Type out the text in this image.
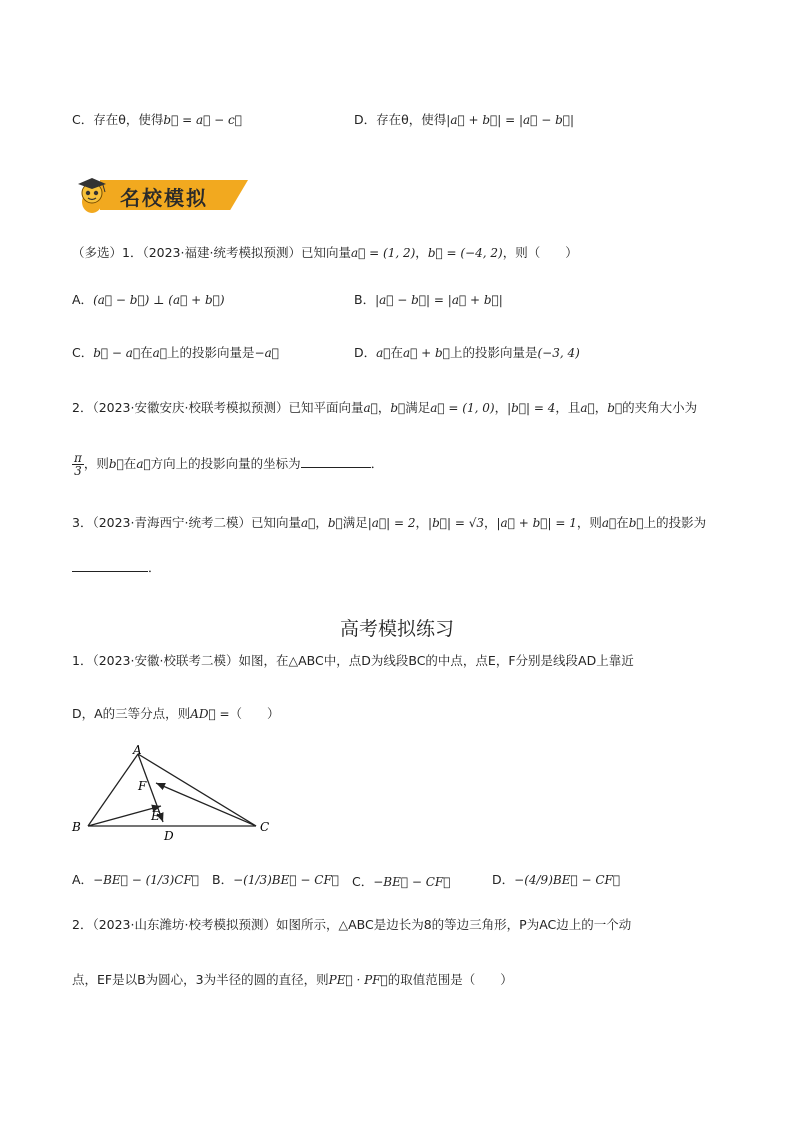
C．存在θ，使得b⃗ = a⃗ − c⃗	D．存在θ，使得|a⃗ + b⃗| = |a⃗ − b⃗|
名校模拟
（多选）1．（2023·福建·统考模拟预测）已知向量a⃗ = (1, 2)，b⃗ = (−4, 2)，则（　　）
A．(a⃗ − b⃗) ⊥ (a⃗ + b⃗)	B．|a⃗ − b⃗| = |a⃗ + b⃗|
C．b⃗ − a⃗在a⃗上的投影向量是−a⃗	D．a⃗在a⃗ + b⃗上的投影向量是(−3, 4)
2．（2023·安徽安庆·校联考模拟预测）已知平面向量a⃗，b⃗满足a⃗ = (1, 0)，|b⃗| = 4，且a⃗，b⃗的夹角大小为
$\frac{\pi}{3}$ ，则b⃗在a⃗方向上的投影向量的坐标为	．
3．（2023·青海西宁·统考二模）已知向量a⃗，b⃗满足|a⃗| = 2，|b⃗| = √3，|a⃗ + b⃗| = 1，则a⃗在b⃗上的投影为
．
高考模拟练习
1．（2023·安徽·校联考二模）如图，在△ABC中，点D为线段BC的中点，点E，F分别是线段AD上靠近
D，A的三等分点，则AD⃗ =（　　）
A
B	C
D
E
F
A．−BE⃗ − (1/3)CF⃗ B．−(1/3)BE⃗ − CF⃗ C．−BE⃗ − CF⃗	D．−(4/9)BE⃗ − CF⃗
2．（2023·山东潍坊·校考模拟预测）如图所示，△ABC是边长为8的等边三角形，P为AC边上的一个动
点，EF是以B为圆心，3为半径的圆的直径，则PE⃗ · PF⃗的取值范围是（　　）
